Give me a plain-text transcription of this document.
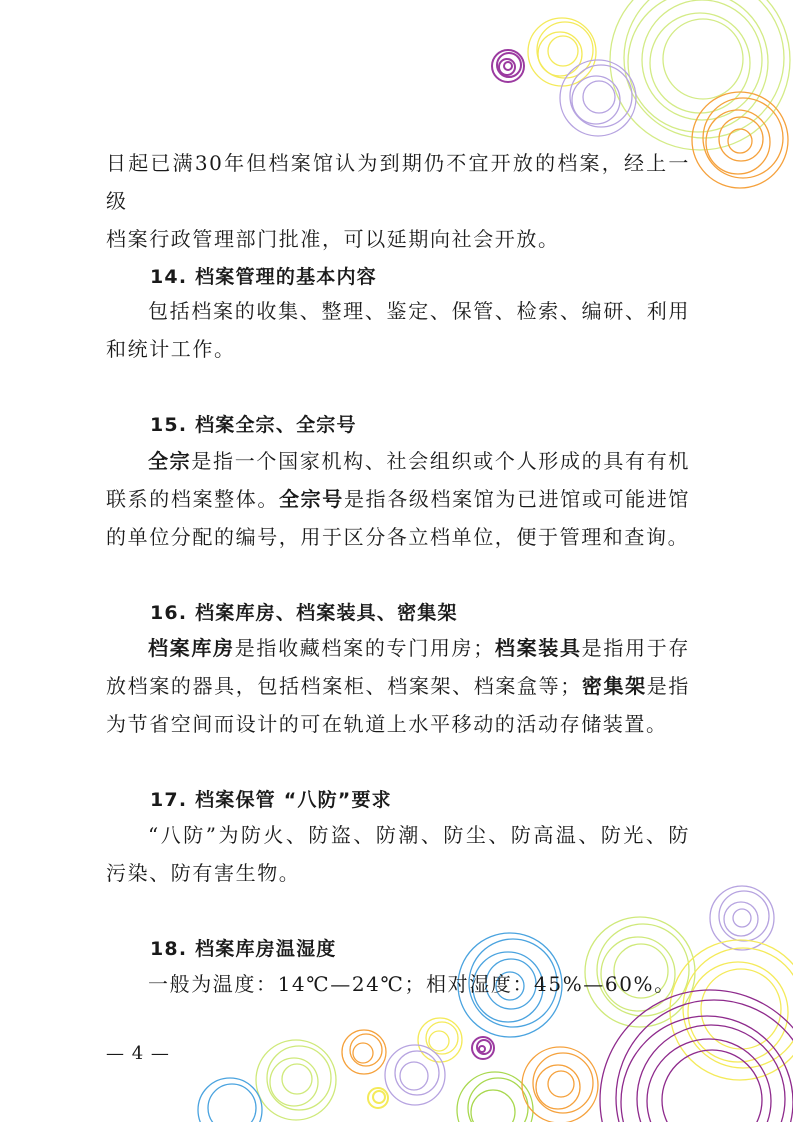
日起已满30年但档案馆认为到期仍不宜开放的档案，经上一级
档案行政管理部门批准，可以延期向社会开放。
14. 档案管理的基本内容
包括档案的收集、整理、鉴定、保管、检索、编研、利用和统计工作。
15. 档案全宗、全宗号
全宗是指一个国家机构、社会组织或个人形成的具有有机联系的档案整体。全宗号是指各级档案馆为已进馆或可能进馆的单位分配的编号，用于区分各立档单位，便于管理和查询。
16. 档案库房、档案装具、密集架
档案库房是指收藏档案的专门用房；档案装具是指用于存放档案的器具，包括档案柜、档案架、档案盒等；密集架是指为节省空间而设计的可在轨道上水平移动的活动存储装置。
17. 档案保管 “八防”要求
“八防”为防火、防盗、防潮、防尘、防高温、防光、防污染、防有害生物。
18. 档案库房温湿度
一般为温度：14℃—24℃；相对湿度：45%—60%。
— 4 —
